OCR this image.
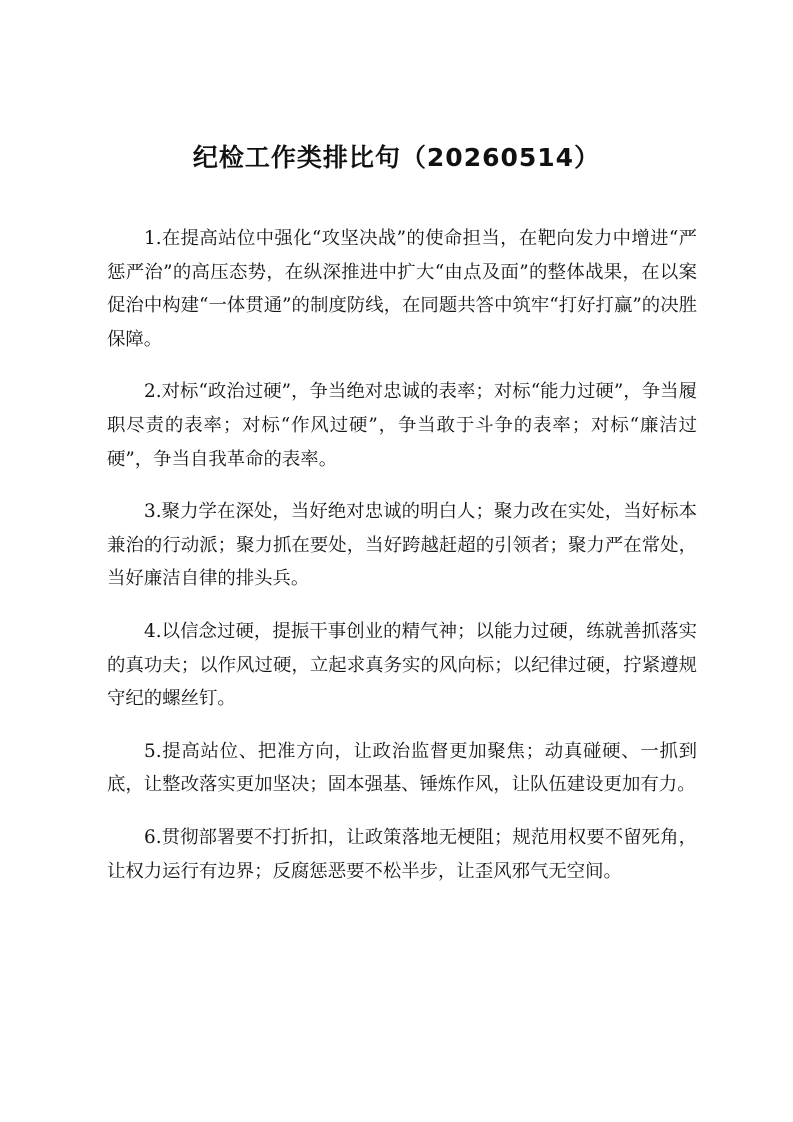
纪检工作类排比句（20260514）

1.在提高站位中强化“攻坚决战”的使命担当，在靶向发力中增进“严惩严治”的高压态势，在纵深推进中扩大“由点及面”的整体战果，在以案促治中构建“一体贯通”的制度防线，在同题共答中筑牢“打好打赢”的决胜保障。

2.对标“政治过硬”，争当绝对忠诚的表率；对标“能力过硬”，争当履职尽责的表率；对标“作风过硬”，争当敢于斗争的表率；对标“廉洁过硬”，争当自我革命的表率。

3.聚力学在深处，当好绝对忠诚的明白人；聚力改在实处，当好标本兼治的行动派；聚力抓在要处，当好跨越赶超的引领者；聚力严在常处，当好廉洁自律的排头兵。

4.以信念过硬，提振干事创业的精气神；以能力过硬，练就善抓落实的真功夫；以作风过硬，立起求真务实的风向标；以纪律过硬，拧紧遵规守纪的螺丝钉。

5.提高站位、把准方向，让政治监督更加聚焦；动真碰硬、一抓到底，让整改落实更加坚决；固本强基、锤炼作风，让队伍建设更加有力。

6.贯彻部署要不打折扣，让政策落地无梗阻；规范用权要不留死角，让权力运行有边界；反腐惩恶要不松半步，让歪风邪气无空间。
